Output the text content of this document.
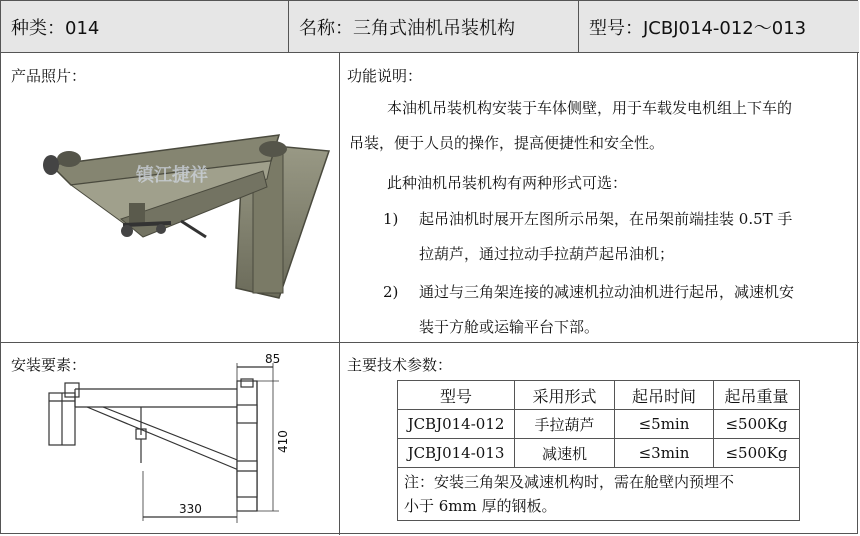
种类：014	名称：三角式油机吊装机构	型号：JCBJ014-012～013
产品照片：
镇江捷祥
功能说明：
本油机吊装机构安装于车体侧壁，用于车载发电机组上下车的
吊装，便于人员的操作，提高便捷性和安全性。
此种油机吊装机构有两种形式可选：
1) 起吊油机时展开左图所示吊架，在吊架前端挂装 0.5T 手
拉葫芦，通过拉动手拉葫芦起吊油机；
2) 通过与三角架连接的减速机拉动油机进行起吊，减速机安
装于方舱或运输平台下部。
安装要素：	85
410
330
主要技术参数：
型号	采用形式	起吊时间	起吊重量
JCBJ014-012	手拉葫芦	≤5min	≤500Kg
JCBJ014-013	减速机	≤3min	≤500Kg

注：安装三角架及减速机构时，需在舱壁内预埋不
小于 6mm 厚的钢板。			
